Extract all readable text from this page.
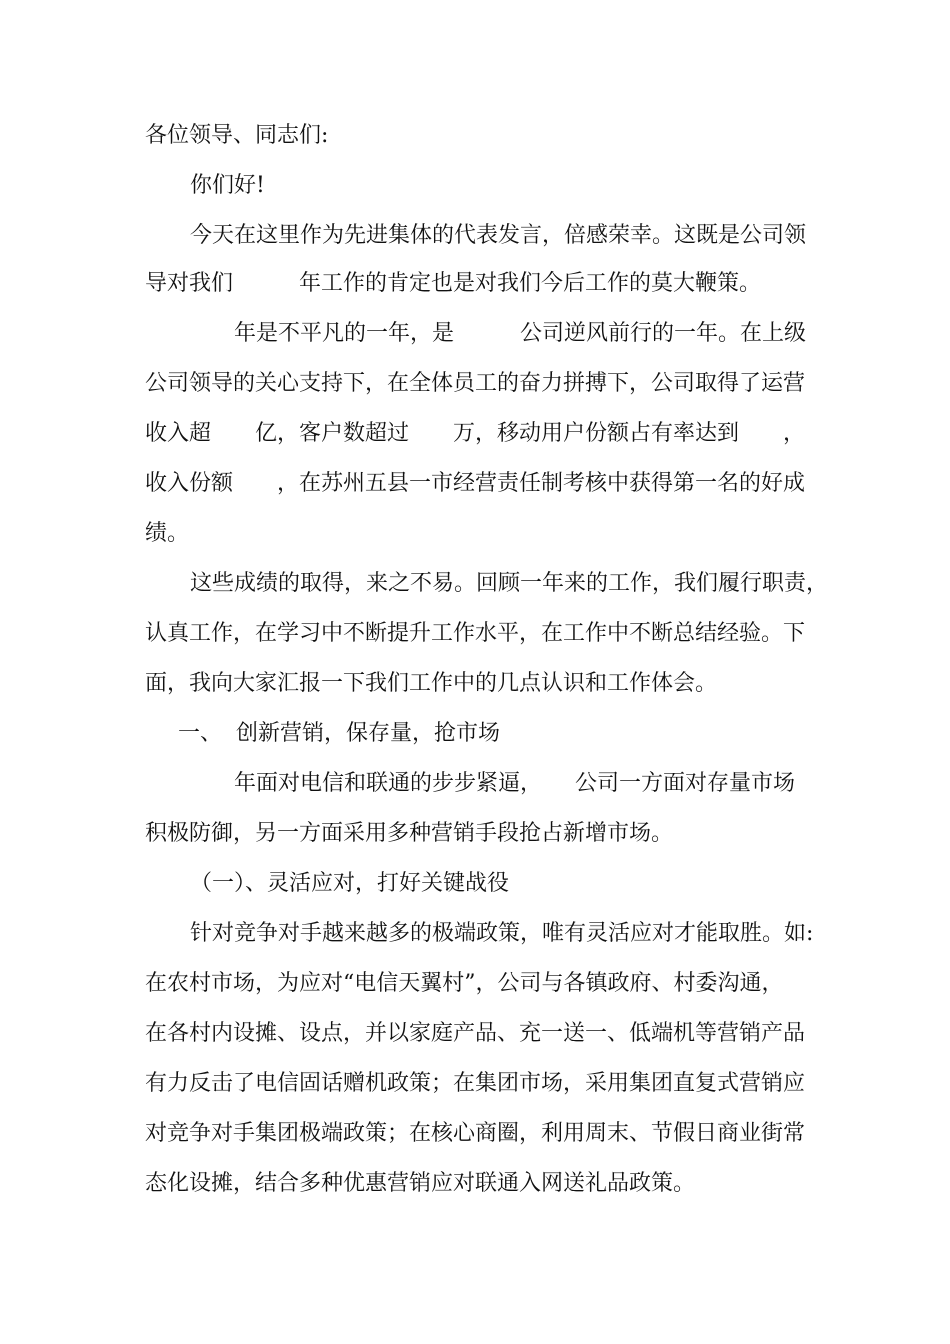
各位领导、同志们:
你们好!
今天在这里作为先进集体的代表发言，倍感荣幸。这既是公司领
导对我们　　　年工作的肯定也是对我们今后工作的莫大鞭策。
　　年是不平凡的一年，是　　　公司逆风前行的一年。在上级
公司领导的关心支持下，在全体员工的奋力拼搏下，公司取得了运营
收入超　　亿，客户数超过　　万，移动用户份额占有率达到　　，
收入份额　　，在苏州五县一市经营责任制考核中获得第一名的好成
绩。
这些成绩的取得，来之不易。回顾一年来的工作，我们履行职责，
认真工作，在学习中不断提升工作水平，在工作中不断总结经验。下
面，我向大家汇报一下我们工作中的几点认识和工作体会。
一、  创新营销，保存量，抢市场
　　年面对电信和联通的步步紧逼，　　公司一方面对存量市场
积极防御，另一方面采用多种营销手段抢占新增市场。
（一）、灵活应对，打好关键战役
针对竞争对手越来越多的极端政策，唯有灵活应对才能取胜。如:
在农村市场，为应对“电信天翼村”，公司与各镇政府、村委沟通，
在各村内设摊、设点，并以家庭产品、充一送一、低端机等营销产品
有力反击了电信固话赠机政策；在集团市场，采用集团直复式营销应
对竞争对手集团极端政策；在核心商圈，利用周末、节假日商业街常
态化设摊，结合多种优惠营销应对联通入网送礼品政策。
